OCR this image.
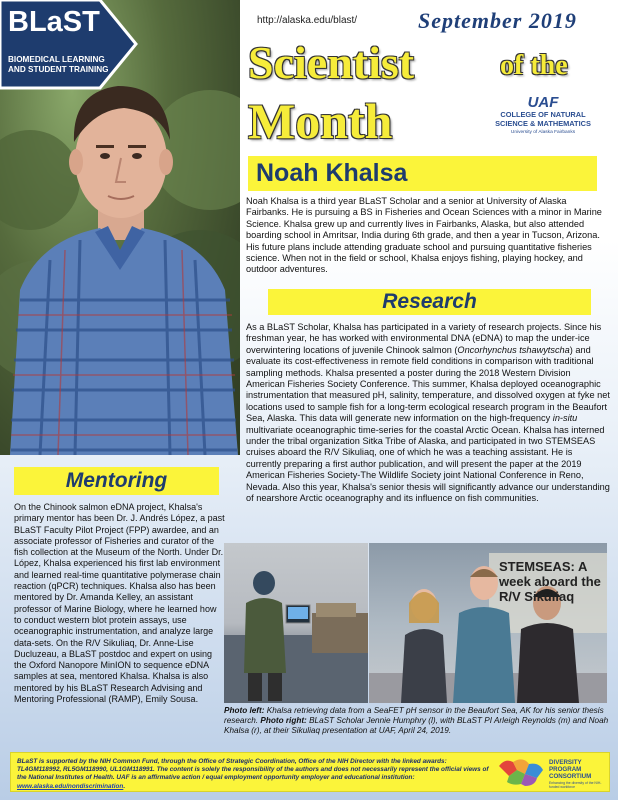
BLaST
BIOMEDICAL LEARNING AND STUDENT TRAINING
http://alaska.edu/blast/	September 2019
Scientist	of the
Month	UAF
COLLEGE OF NATURAL
SCIENCE & MATHEMATICS
University of Alaska Fairbanks
Noah Khalsa
Noah Khalsa is a third year BLaST Scholar and a senior at University of Alaska Fairbanks. He is pursuing a BS in Fisheries and Ocean Sciences with a minor in Marine Science. Khalsa grew up and currently lives in Fairbanks, Alaska, but also attended boarding school in Amritsar, India during 6th grade, and then a year in Tucson, Arizona. His future plans include attending graduate school and pursuing quantitative fisheries science. When not in the field or school, Khalsa enjoys fishing, playing hockey, and outdoor adventures.
Research
As a BLaST Scholar, Khalsa has participated in a variety of research projects. Since his freshman year, he has worked with environmental DNA (eDNA) to map the under-ice overwintering locations of juvenile Chinook salmon (Oncorhynchus tshawytscha) and evaluate its cost-effectiveness in remote field conditions in comparison with traditional sampling methods. Khalsa presented a poster during the 2018 Western Division American Fisheries Society Conference. This summer, Khalsa deployed oceanographic instrumentation that measured pH, salinity, temperature, and dissolved oxygen at fyke net locations used to sample fish for a long-term ecological research program in the Beaufort Sea, Alaska. This data will generate new information on the high-frequency in-situ multivariate oceanographic time-series for the coastal Arctic Ocean. Khalsa has interned under the tribal organization Sitka Tribe of Alaska, and participated in two STEMSEAS cruises aboard the R/V Sikuliaq, one of which he was a teaching assistant. He is currently preparing a first author publication, and will present the paper at the 2019 American Fisheries Society-The Wildlife Society joint National Conference in Reno, Nevada. Also this year, Khalsa's senior thesis will significantly advance our understanding of nearshore Arctic oceanography and its influence on fish communities.
Mentoring
On the Chinook salmon eDNA project, Khalsa's primary mentor has been Dr. J. Andrés López, a past BLaST Faculty Pilot Project (FPP) awardee, and an associate professor of Fisheries and curator of the fish collection at the Museum of the North. Under Dr. López, Khalsa experienced his first lab environment and learned real-time quantitative polymerase chain reaction (qPCR) techniques. Khalsa also has been mentored by Dr. Amanda Kelley, an assistant professor of Marine Biology, where he learned how to conduct western blot protein assays, use oceanographic instrumentation, and analyze large data-sets. On the R/V Sikuliaq, Dr. Anne-Lise Ducluzeau, a BLaST postdoc and expert on using the Oxford Nanopore MinION to sequence eDNA samples at sea, mentored Khalsa. Khalsa is also mentored by his BLaST Research Advising and Mentoring Professional (RAMP), Emily Sousa.
STEMSEAS: A week aboard the R/V Sikuliaq
Photo left: Khalsa retrieving data from a SeaFET pH sensor in the Beaufort Sea, AK for his senior thesis research. Photo right: BLaST Scholar Jennie Humphry (l), with BLaST PI Arleigh Reynolds (m) and Noah Khalsa (r), at their Sikuliaq presentation at UAF, April 24, 2019.
BLaST is supported by the NIH Common Fund, through the Office of Strategic Coordination, Office of the NIH Director with the linked awards: TL4GM118992, RL5GM118990, UL1GM118991. The content is solely the responsibility of the authors and does not necessarily represent the official views of the National Institutes of Health. UAF is an affirmative action / equal employment opportunity employer and educational institution: www.alaska.edu/nondiscrimination.
DIVERSITY
PROGRAM
CONSORTIUM
Enhancing the diversity of the NIH-funded workforce
